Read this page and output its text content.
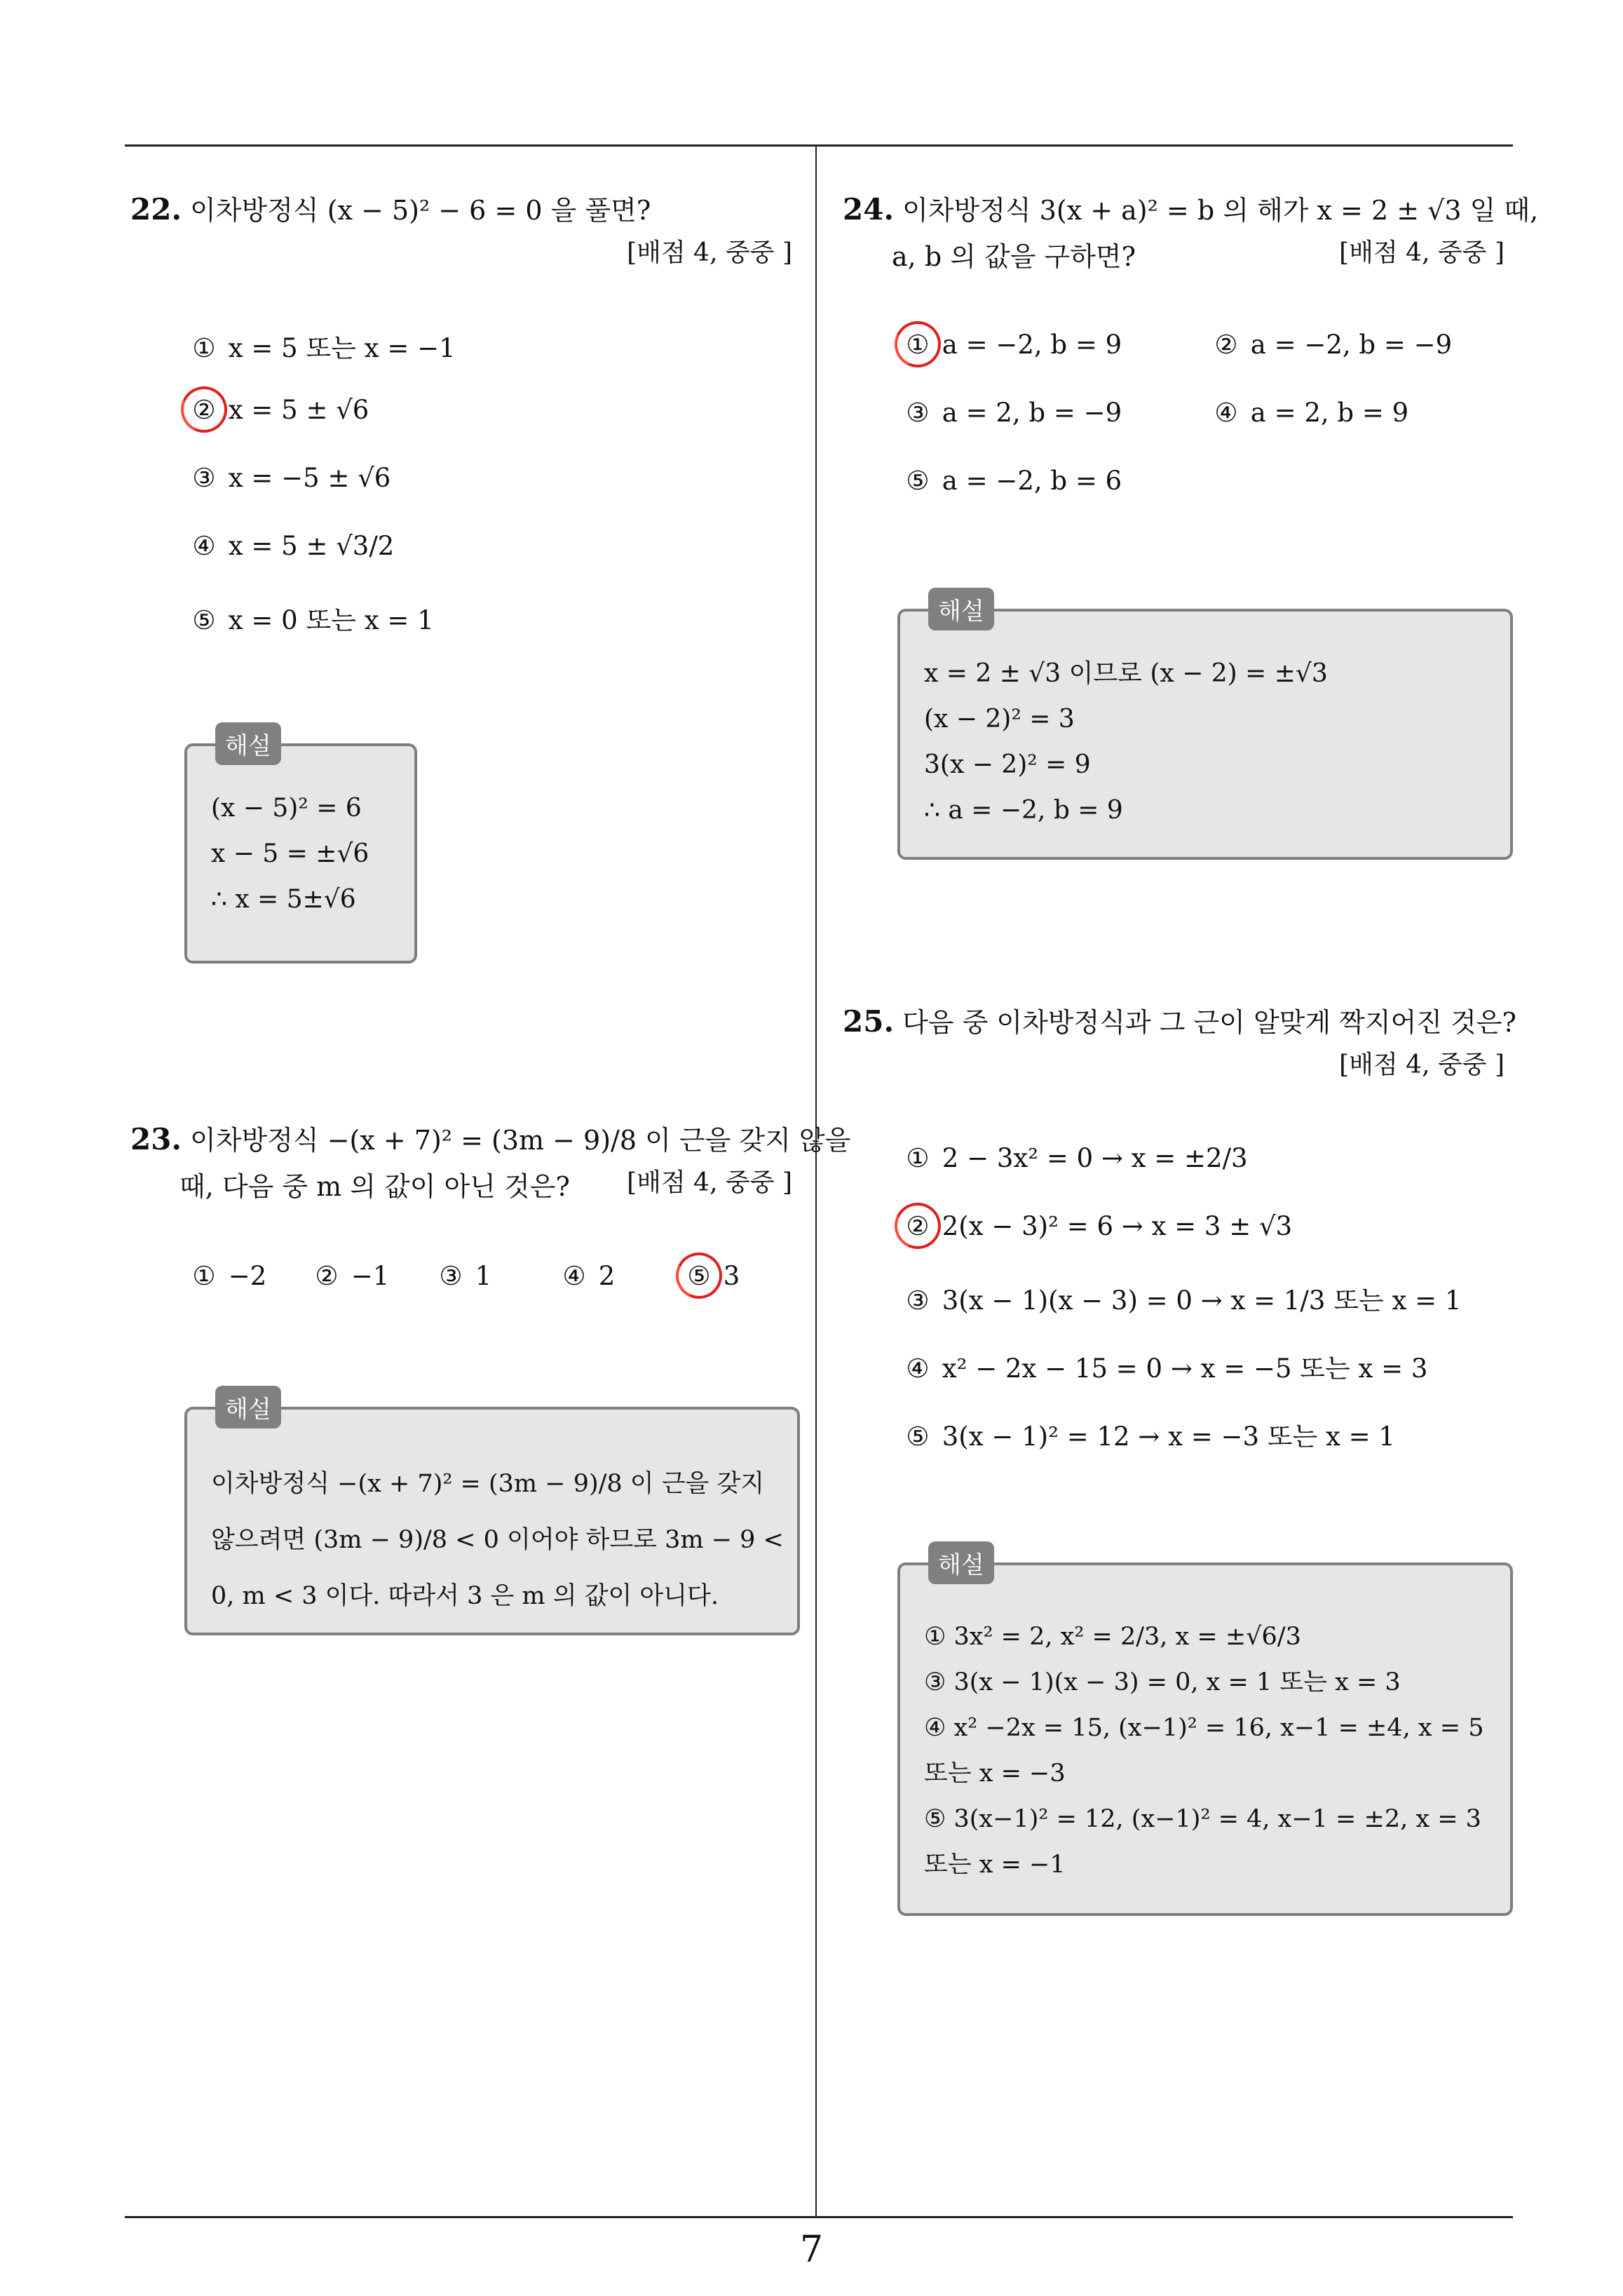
22. 이차방정식 (x − 5)² − 6 = 0 을 풀면?
[배점 4, 중중 ]
① x = 5 또는 x = −1
② x = 5 ± √6
③ x = −5 ± √6
④ x = 5 ± √3/2
⑤ x = 0 또는 x = 1
해설
(x − 5)² = 6
x − 5 = ±√6
∴ x = 5±√6
23. 이차방정식 −(x + 7)² = (3m − 9)/8 이 근을 갖지 않을
때, 다음 중 m 의 값이 아닌 것은?	[배점 4, 중중 ]
① −2 ② −1 ③ 1	④ 2	⑤ 3
해설
이차방정식 −(x + 7)² = (3m − 9)/8 이 근을 갖지
않으려면 (3m − 9)/8 < 0 이어야 하므로 3m − 9 <
0, m < 3 이다. 따라서 3 은 m 의 값이 아니다.
24. 이차방정식 3(x + a)² = b 의 해가 x = 2 ± √3 일 때,
a, b 의 값을 구하면?	[배점 4, 중중 ]
① a = −2, b = 9	② a = −2, b = −9
③ a = 2, b = −9	④ a = 2, b = 9
⑤ a = −2, b = 6
해설
x = 2 ± √3 이므로 (x − 2) = ±√3
(x − 2)² = 3
3(x − 2)² = 9
∴ a = −2, b = 9
25. 다음 중 이차방정식과 그 근이 알맞게 짝지어진 것은?
[배점 4, 중중 ]
① 2 − 3x² = 0 → x = ±2/3
② 2(x − 3)² = 6 → x = 3 ± √3
③ 3(x − 1)(x − 3) = 0 → x = 1/3 또는 x = 1
④ x² − 2x − 15 = 0 → x = −5 또는 x = 3
⑤ 3(x − 1)² = 12 → x = −3 또는 x = 1
해설
① 3x² = 2, x² = 2/3, x = ±√6/3
③ 3(x − 1)(x − 3) = 0, x = 1 또는 x = 3
④ x² −2x = 15, (x−1)² = 16, x−1 = ±4, x = 5
또는 x = −3
⑤ 3(x−1)² = 12, (x−1)² = 4, x−1 = ±2, x = 3
또는 x = −1
7
